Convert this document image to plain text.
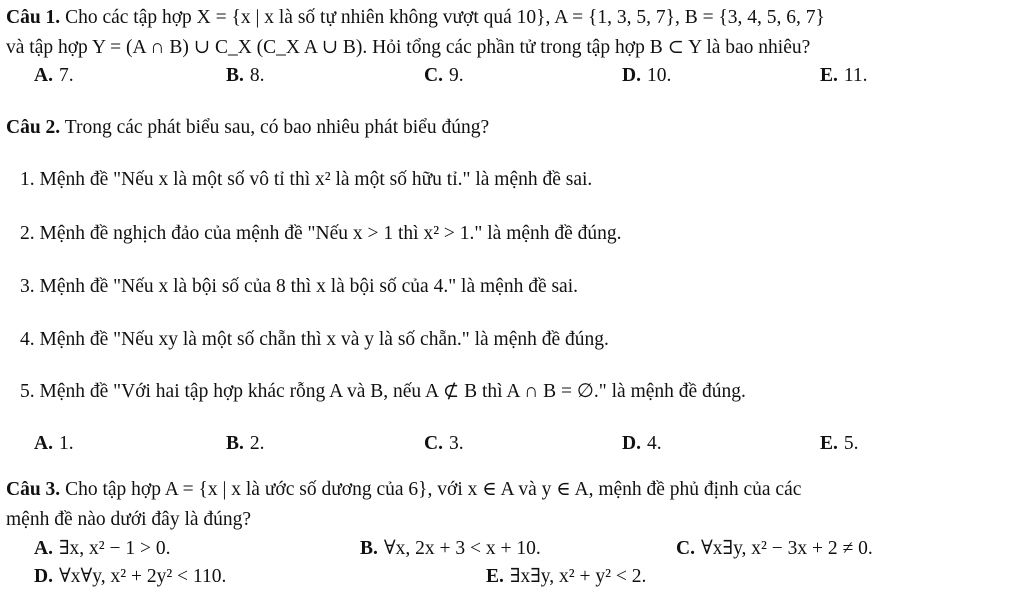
Câu 1. Cho các tập hợp X = {x | x là số tự nhiên không vượt quá 10}, A = {1, 3, 5, 7}, B = {3, 4, 5, 6, 7}
và tập hợp Y = (A ∩ B) ∪ C_X (C_X A ∪ B). Hỏi tổng các phần tử trong tập hợp B ⊂ Y là bao nhiêu?
A. 7.	B. 8.	C. 9.	D. 10.	E. 11.
Câu 2. Trong các phát biểu sau, có bao nhiêu phát biểu đúng?
1. Mệnh đề "Nếu x là một số vô tỉ thì x² là một số hữu tỉ." là mệnh đề sai.
2. Mệnh đề nghịch đảo của mệnh đề "Nếu x > 1 thì x² > 1." là mệnh đề đúng.
3. Mệnh đề "Nếu x là bội số của 8 thì x là bội số của 4." là mệnh đề sai.
4. Mệnh đề "Nếu xy là một số chẵn thì x và y là số chẵn." là mệnh đề đúng.
5. Mệnh đề "Với hai tập hợp khác rỗng A và B, nếu A ⊄ B thì A ∩ B = ∅." là mệnh đề đúng.
A. 1.	B. 2.	C. 3.	D. 4.	E. 5.
Câu 3. Cho tập hợp A = {x | x là ước số dương của 6}, với x ∈ A và y ∈ A, mệnh đề phủ định của các
mệnh đề nào dưới đây là đúng?
A. ∃x, x² − 1 > 0.	B. ∀x, 2x + 3 < x + 10.	C. ∀x∃y, x² − 3x + 2 ≠ 0.
D. ∀x∀y, x² + 2y² < 110.	E. ∃x∃y, x² + y² < 2.
